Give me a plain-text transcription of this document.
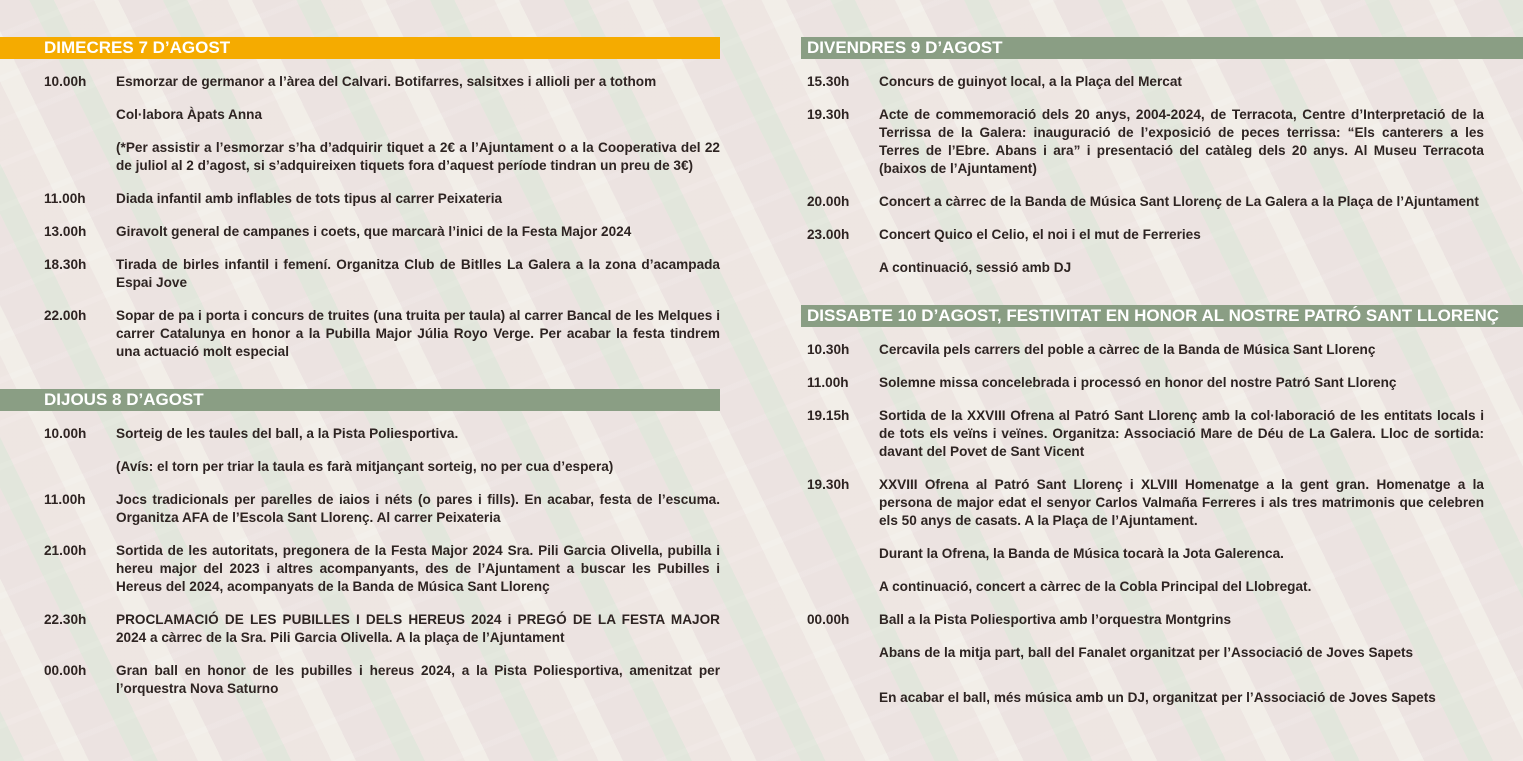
DIMECRES 7 D’AGOST
10.00h	Esmorzar de germanor a l’àrea del Calvari. Botifarres, salsitxes i allioli per a tothom
Col·labora Àpats Anna
(*Per assistir a l’esmorzar s’ha d’adquirir tiquet a 2€ a l’Ajuntament o a la Cooperativa del 22 de juliol al 2 d’agost, si s’adquireixen tiquets fora d’aquest període tindran un preu de 3€)
11.00h	Diada infantil amb inflables de tots tipus al carrer Peixateria
13.00h	Giravolt general de campanes i coets, que marcarà l’inici de la Festa Major 2024
18.30h	Tirada de birles infantil i femení. Organitza Club de Bitlles La Galera a la zona d’acampada Espai Jove
22.00h	Sopar de pa i porta i concurs de truites (una truita per taula) al carrer Bancal de les Melques i carrer Catalunya en honor a la Pubilla Major Júlia Royo Verge. Per acabar la festa tindrem una actuació molt especial
DIJOUS 8 D’AGOST
10.00h	Sorteig de les taules del ball, a la Pista Poliesportiva.
(Avís: el torn per triar la taula es farà mitjançant sorteig, no per cua d’espera)
11.00h	Jocs tradicionals per parelles de iaios i néts (o pares i fills). En acabar, festa de l’escuma. Organitza AFA de l’Escola Sant Llorenç. Al carrer Peixateria
21.00h	Sortida de les autoritats, pregonera de la Festa Major 2024 Sra. Pili Garcia Olivella, pubilla i hereu major del 2023 i altres acompanyants, des de l’Ajuntament a buscar les Pubilles i Hereus del 2024, acompanyats de la Banda de Música Sant Llorenç
22.30h	PROCLAMACIÓ DE LES PUBILLES I DELS HEREUS 2024 i PREGÓ DE LA FESTA MAJOR 2024 a càrrec de la Sra. Pili Garcia Olivella. A la plaça de l’Ajuntament
00.00h	Gran ball en honor de les pubilles i hereus 2024, a la Pista Poliesportiva, amenitzat per l’orquestra Nova Saturno
DIVENDRES 9 D’AGOST
15.30h	Concurs de guinyot local, a la Plaça del Mercat
19.30h	Acte de commemoració dels 20 anys, 2004-2024, de Terracota, Centre d’Interpretació de la Terrissa de la Galera: inauguració de l’exposició de peces terrissa: “Els canterers a les Terres de l’Ebre. Abans i ara” i presentació del catàleg dels 20 anys. Al Museu Terracota (baixos de l’Ajuntament)
20.00h	Concert a càrrec de la Banda de Música Sant Llorenç de La Galera a la Plaça de l’Ajuntament
23.00h	Concert Quico el Celio, el noi i el mut de Ferreries
A continuació, sessió amb DJ
DISSABTE 10 D’AGOST, FESTIVITAT EN HONOR AL NOSTRE PATRÓ SANT LLORENÇ
10.30h	Cercavila pels carrers del poble a càrrec de la Banda de Música Sant Llorenç
11.00h	Solemne missa concelebrada i processó en honor del nostre Patró Sant Llorenç
19.15h	Sortida de la XXVIII Ofrena al Patró Sant Llorenç amb la col·laboració de les entitats locals i de tots els veïns i veïnes. Organitza: Associació Mare de Déu de La Galera. Lloc de sortida: davant del Povet de Sant Vicent
19.30h	XXVIII Ofrena al Patró Sant Llorenç i XLVIII Homenatge a la gent gran. Homenatge a la persona de major edat el senyor Carlos Valmaña Ferreres i als tres matrimonis que celebren els 50 anys de casats. A la Plaça de l’Ajuntament.
Durant la Ofrena, la Banda de Música tocarà la Jota Galerenca.
A continuació, concert a càrrec de la Cobla Principal del Llobregat.
00.00h	Ball a la Pista Poliesportiva amb l’orquestra Montgrins
Abans de la mitja part, ball del Fanalet organitzat per l’Associació de Joves Sapets
En acabar el ball, més música amb un DJ, organitzat per l’Associació de Joves Sapets
